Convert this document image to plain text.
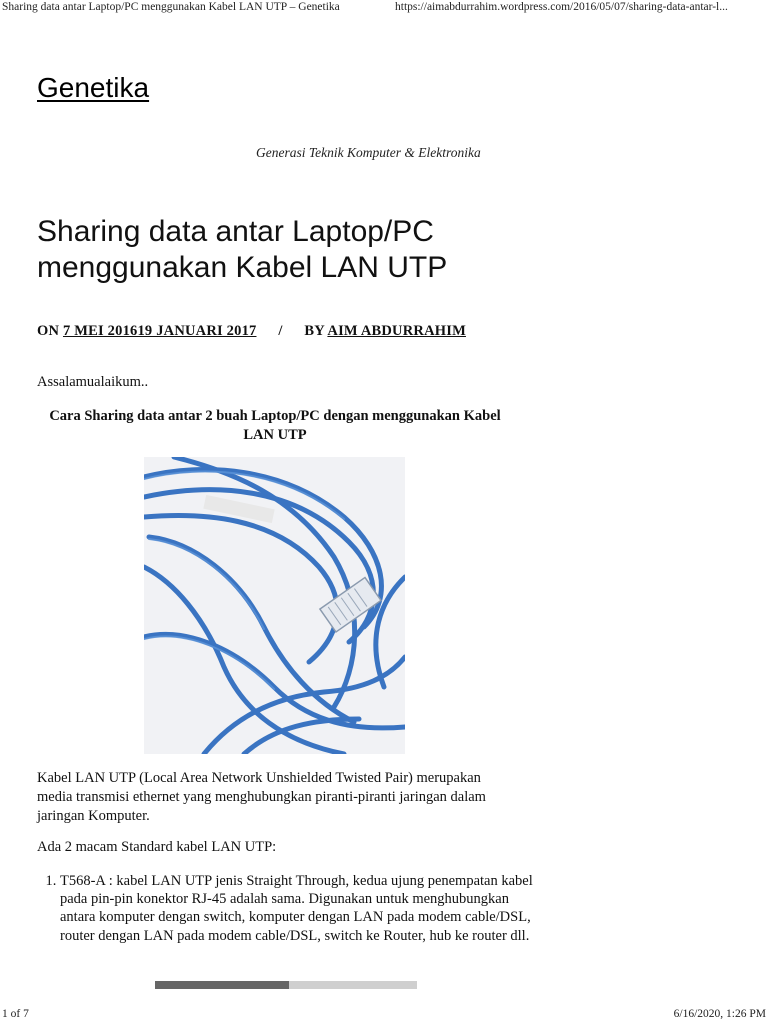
Sharing data antar Laptop/PC menggunakan Kabel LAN UTP – Genetika	https://aimabdurrahim.wordpress.com/2016/05/07/sharing-data-antar-l...
Genetika
Generasi Teknik Komputer & Elektronika
Sharing data antar Laptop/PC menggunakan Kabel LAN UTP
ON 7 MEI 201619 JANUARI 2017 / BY AIM ABDURRAHIM
Assalamualaikum..
Cara Sharing data antar 2 buah Laptop/PC dengan menggunakan Kabel LAN UTP
Kabel LAN UTP (Local Area Network Unshielded Twisted Pair) merupakan media transmisi ethernet yang menghubungkan piranti-piranti jaringan dalam jaringan Komputer.
Ada 2 macam Standard kabel LAN UTP:
1. T568-A : kabel LAN UTP jenis Straight Through, kedua ujung penempatan kabel pada pin-pin konektor RJ-45 adalah sama. Digunakan untuk menghubungkan antara komputer dengan switch, komputer dengan LAN pada modem cable/DSL, router dengan LAN pada modem cable/DSL, switch ke Router, hub ke router dll.
1 of 7	6/16/2020, 1:26 PM
